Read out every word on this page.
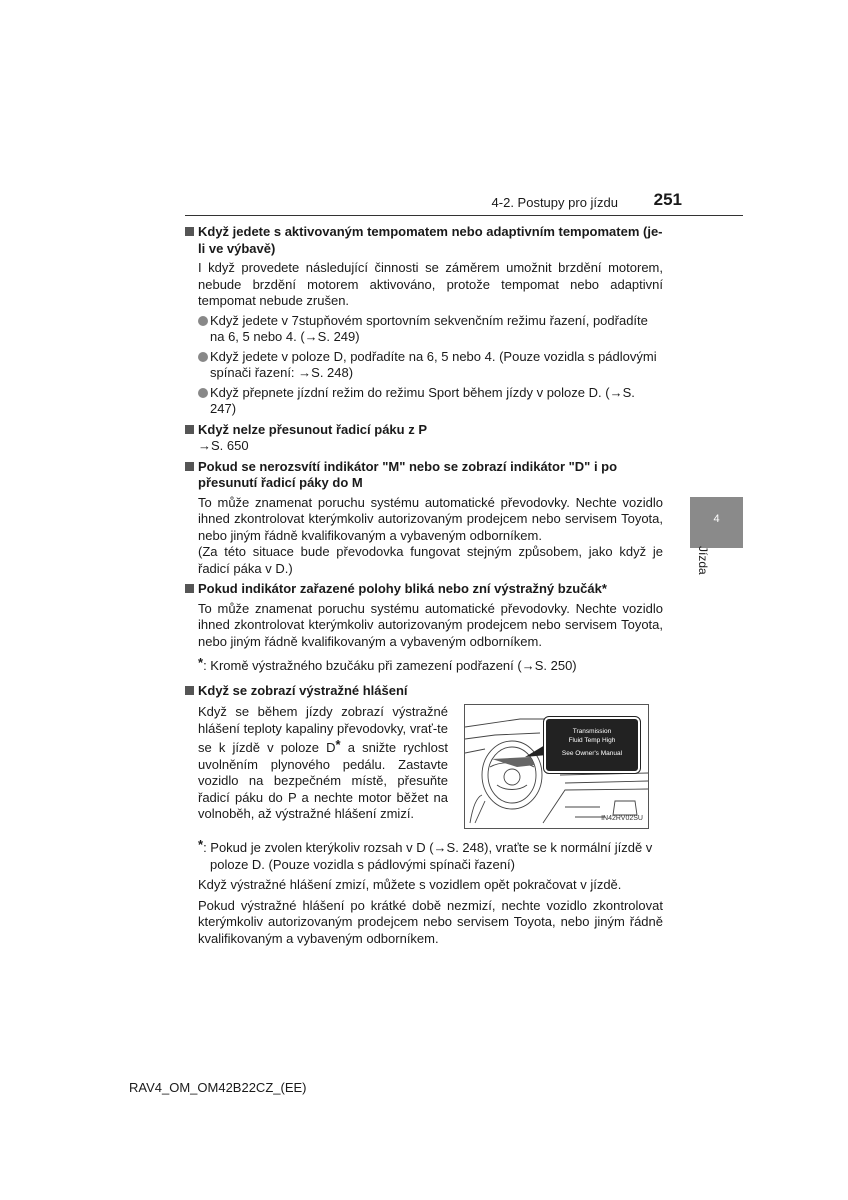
4-2. Postupy pro jízdu	251
4
Jízda
Když jedete s aktivovaným tempomatem nebo adaptivním tempomatem (je-li ve výbavě)
I když provedete následující činnosti se záměrem umožnit brzdění motorem, nebude brzdění motorem aktivováno, protože tempomat nebo adaptivní tempomat nebude zrušen.
Když jedete v 7stupňovém sportovním sekvenčním režimu řazení, podřadíte na 6, 5 nebo 4. (→S. 249)
Když jedete v poloze D, podřadíte na 6, 5 nebo 4. (Pouze vozidla s pádlovými spínači řazení: →S. 248)
Když přepnete jízdní režim do režimu Sport během jízdy v poloze D. (→S. 247)
Když nelze přesunout řadicí páku z P
→S. 650
Pokud se nerozsvítí indikátor "M" nebo se zobrazí indikátor "D" i po přesunutí řadicí páky do M
To může znamenat poruchu systému automatické převodovky. Nechte vozidlo ihned zkontrolovat kterýmkoliv autorizovaným prodejcem nebo servisem Toyota, nebo jiným řádně kvalifikovaným a vybaveným odborníkem.
(Za této situace bude převodovka fungovat stejným způsobem, jako když je řadicí páka v D.)
Pokud indikátor zařazené polohy bliká nebo zní výstražný bzučák*
To může znamenat poruchu systému automatické převodovky. Nechte vozidlo ihned zkontrolovat kterýmkoliv autorizovaným prodejcem nebo servisem Toyota, nebo jiným řádně kvalifikovaným a vybaveným odborníkem.
*: Kromě výstražného bzučáku při zamezení podřazení (→S. 250)
Když se zobrazí výstražné hlášení
Když se během jízdy zobrazí výstražné hlášení teploty kapaliny převodovky, vrať-te se k jízdě v poloze D* a snižte rychlost uvolněním plynového pedálu. Zastavte vozidlo na bezpečném místě, přesuňte řadicí páku do P a nechte motor běžet na volnoběh, až výstražné hlášení zmizí.
Transmission
Fluid Temp High
See Owner's Manual
IN42RV02SU
*: Pokud je zvolen kterýkoliv rozsah v D (→S. 248), vraťte se k normální jízdě v poloze D. (Pouze vozidla s pádlovými spínači řazení)
Když výstražné hlášení zmizí, můžete s vozidlem opět pokračovat v jízdě.
Pokud výstražné hlášení po krátké době nezmizí, nechte vozidlo zkontrolovat kterýmkoliv autorizovaným prodejcem nebo servisem Toyota, nebo jiným řádně kvalifikovaným a vybaveným odborníkem.
RAV4_OM_OM42B22CZ_(EE)
